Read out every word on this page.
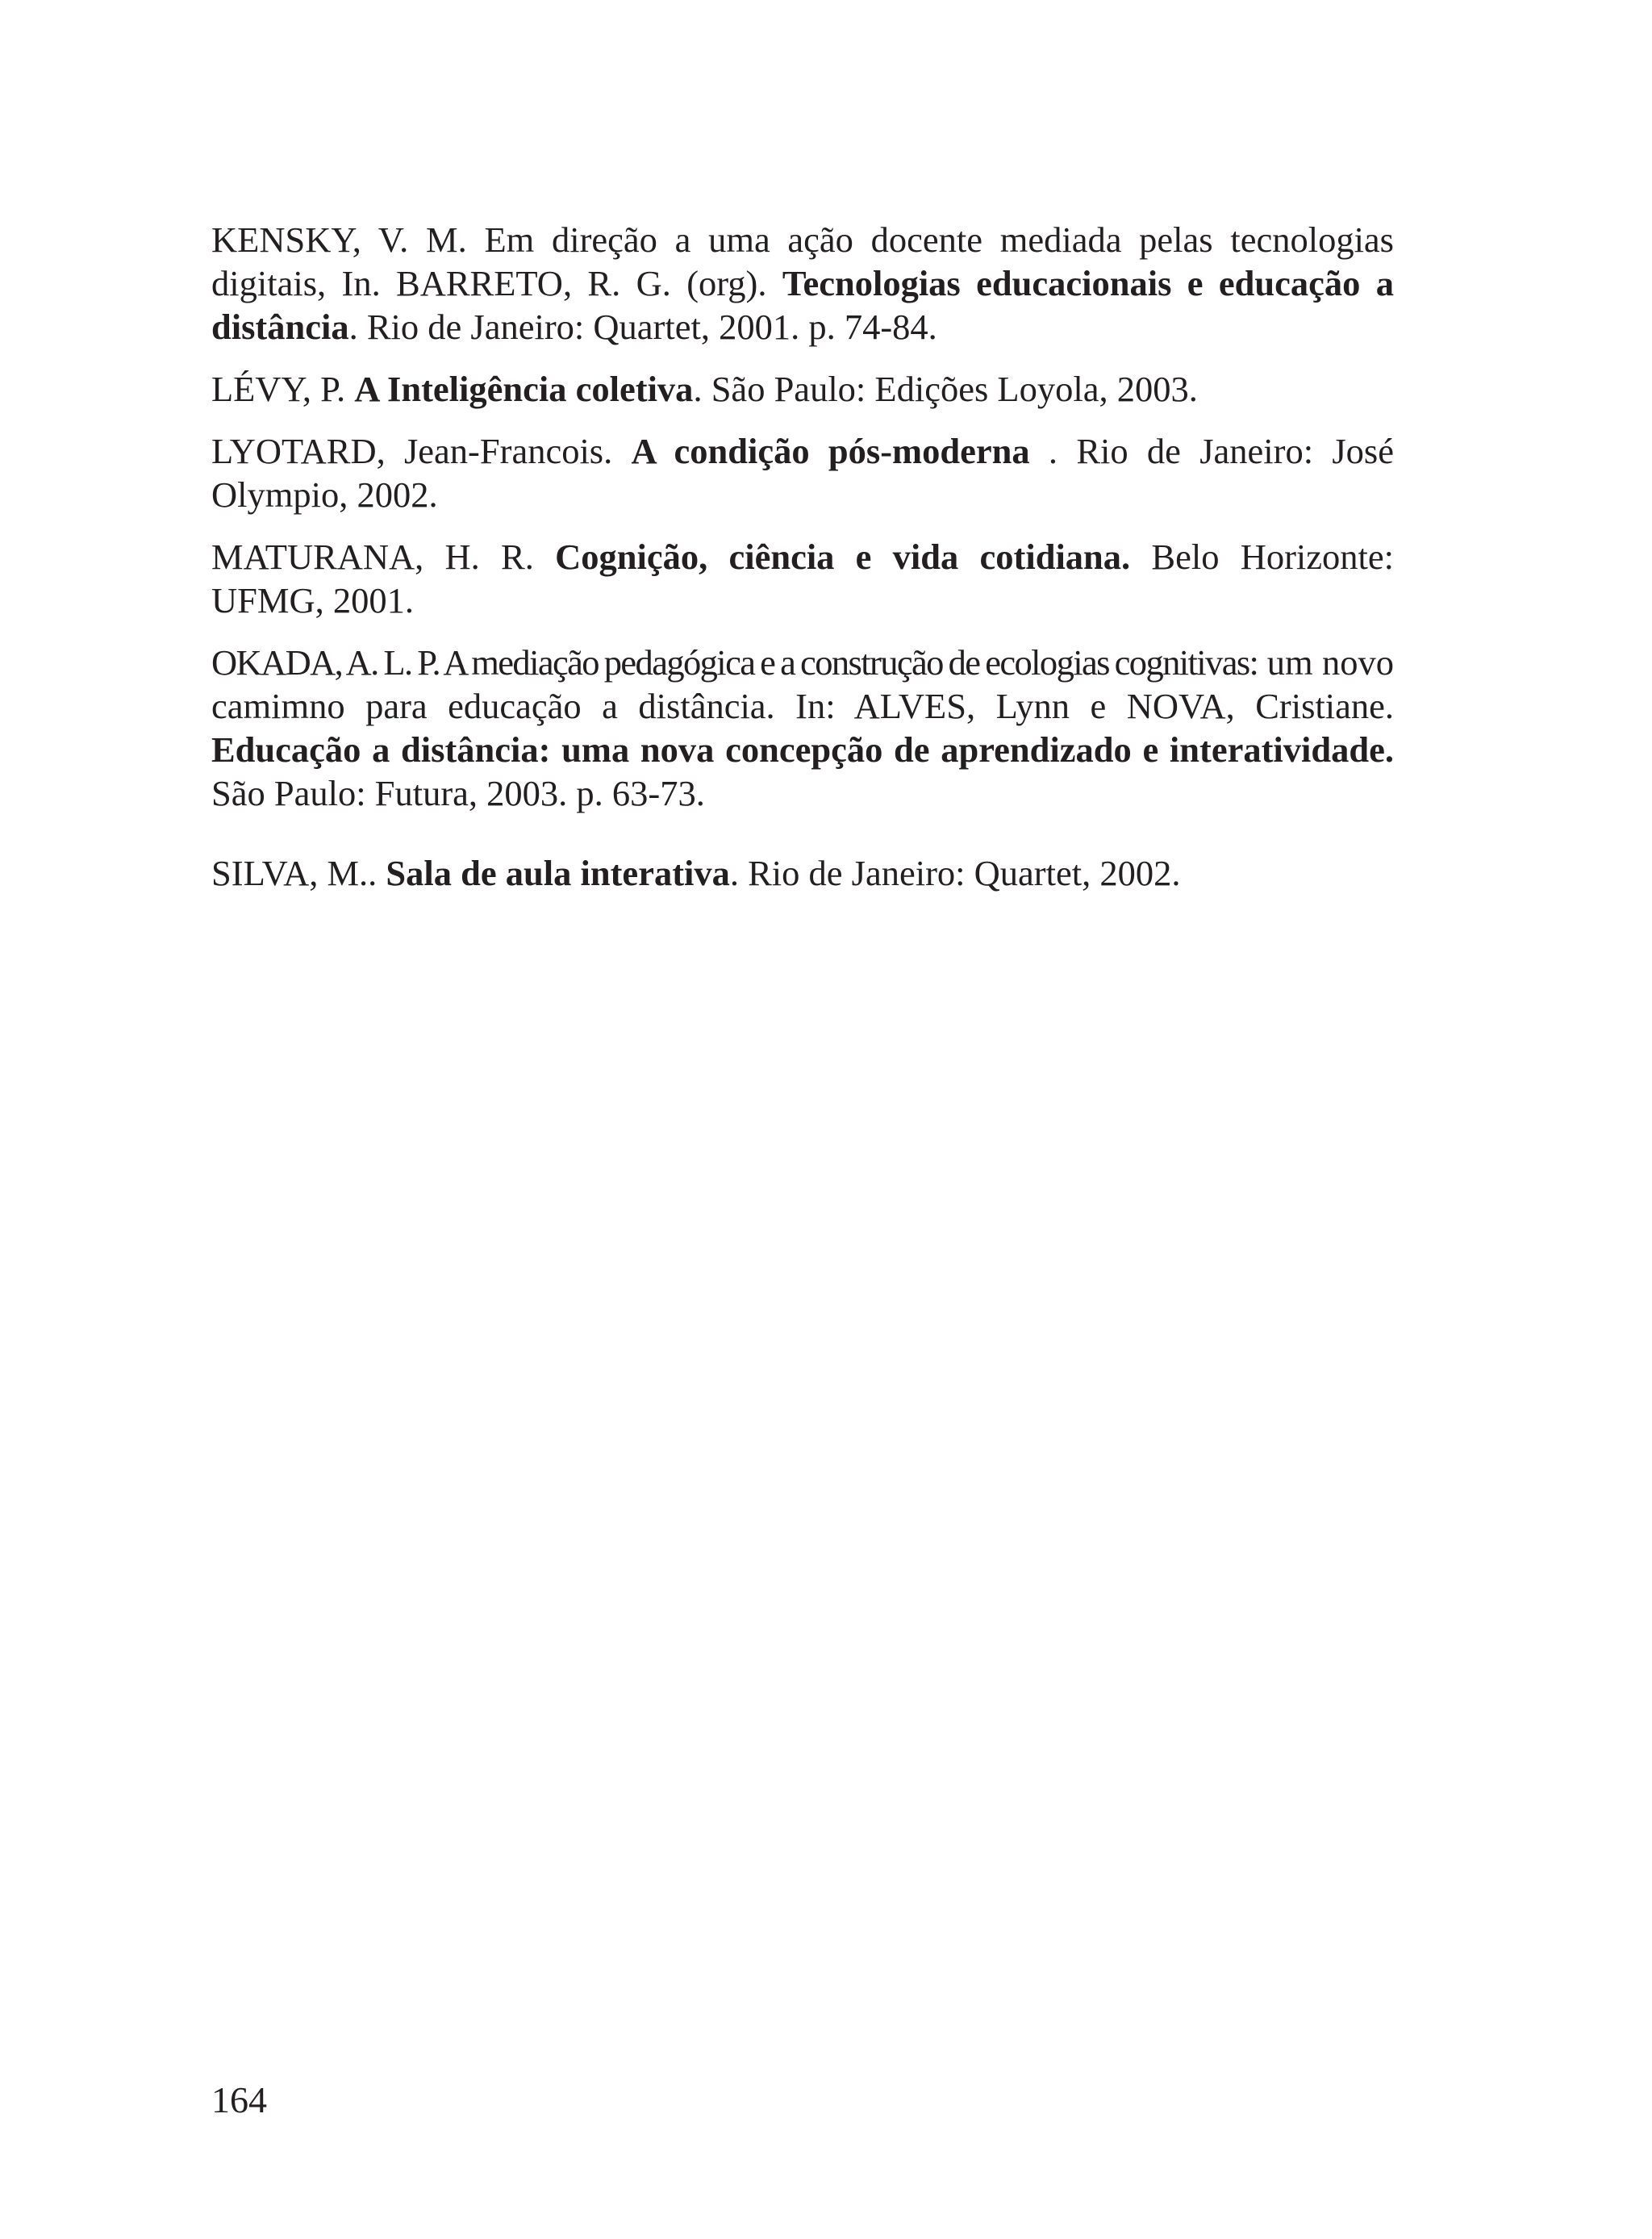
KENSKY, V. M. Em direção a uma ação docente mediada pelas tecnologias digitais, In. BARRETO, R. G. (org). Tecnologias educacionais e educação a distância. Rio de Janeiro: Quartet, 2001. p. 74-84.

LÉVY, P. A Inteligência coletiva. São Paulo: Edições Loyola, 2003.

LYOTARD, Jean-Francois. A condição pós-moderna . Rio de Janeiro: José Olympio, 2002.

MATURANA, H. R. Cognição, ciência e vida cotidiana. Belo Horizonte: UFMG, 2001.

OKADA, A. L. P. A mediação pedagógica e a construção de ecologias cognitivas: um novo camimno para educação a distância. In: ALVES, Lynn e NOVA, Cristiane. Educação a distância: uma nova concepção de aprendizado e interatividade. São Paulo: Futura, 2003. p. 63-73.

SILVA, M.. Sala de aula interativa. Rio de Janeiro: Quartet, 2002.

164
